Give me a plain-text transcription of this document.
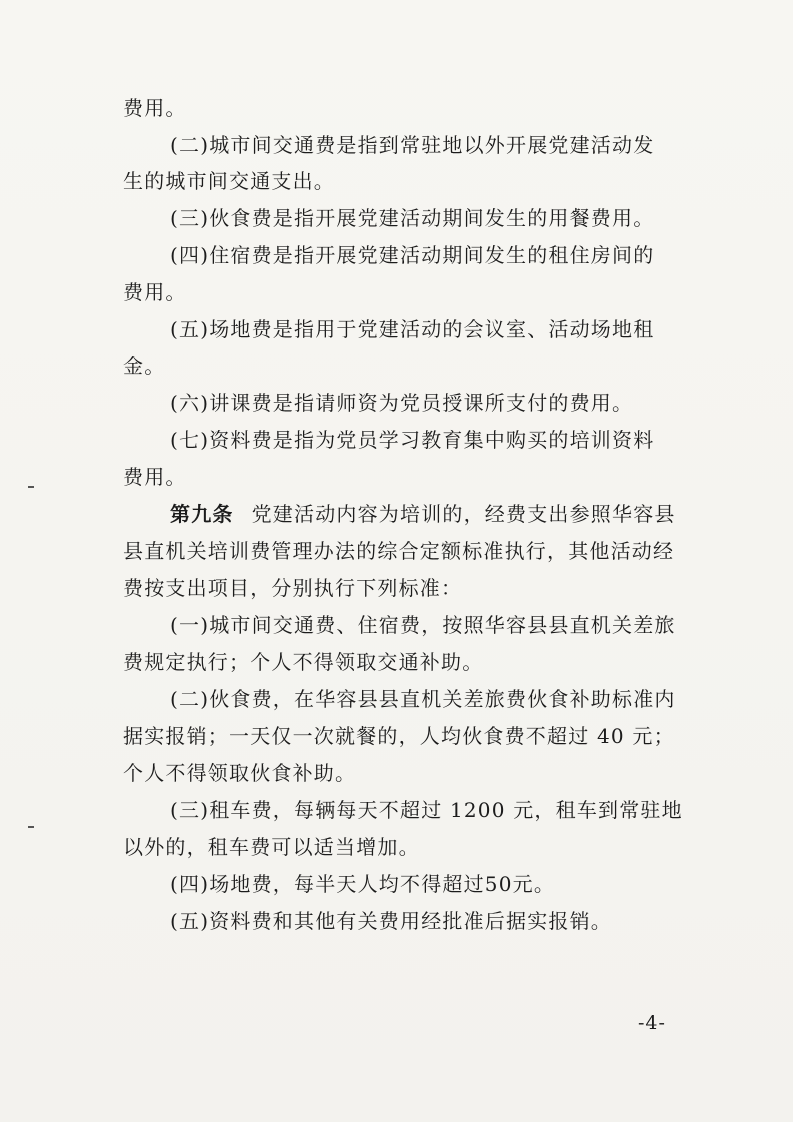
费用。
(二)城市间交通费是指到常驻地以外开展党建活动发
生的城市间交通支出。
(三)伙食费是指开展党建活动期间发生的用餐费用。
(四)住宿费是指开展党建活动期间发生的租住房间的
费用。
(五)场地费是指用于党建活动的会议室、活动场地租
金。
(六)讲课费是指请师资为党员授课所支付的费用。
(七)资料费是指为党员学习教育集中购买的培训资料
费用。
第九条 党建活动内容为培训的，经费支出参照华容县
县直机关培训费管理办法的综合定额标准执行，其他活动经
费按支出项目，分别执行下列标准：
(一)城市间交通费、住宿费，按照华容县县直机关差旅
费规定执行；个人不得领取交通补助。
(二)伙食费，在华容县县直机关差旅费伙食补助标准内
据实报销；一天仅一次就餐的，人均伙食费不超过 40 元；
个人不得领取伙食补助。
(三)租车费，每辆每天不超过 1200 元，租车到常驻地
以外的，租车费可以适当增加。
(四)场地费，每半天人均不得超过50元。
(五)资料费和其他有关费用经批准后据实报销。
-4-
